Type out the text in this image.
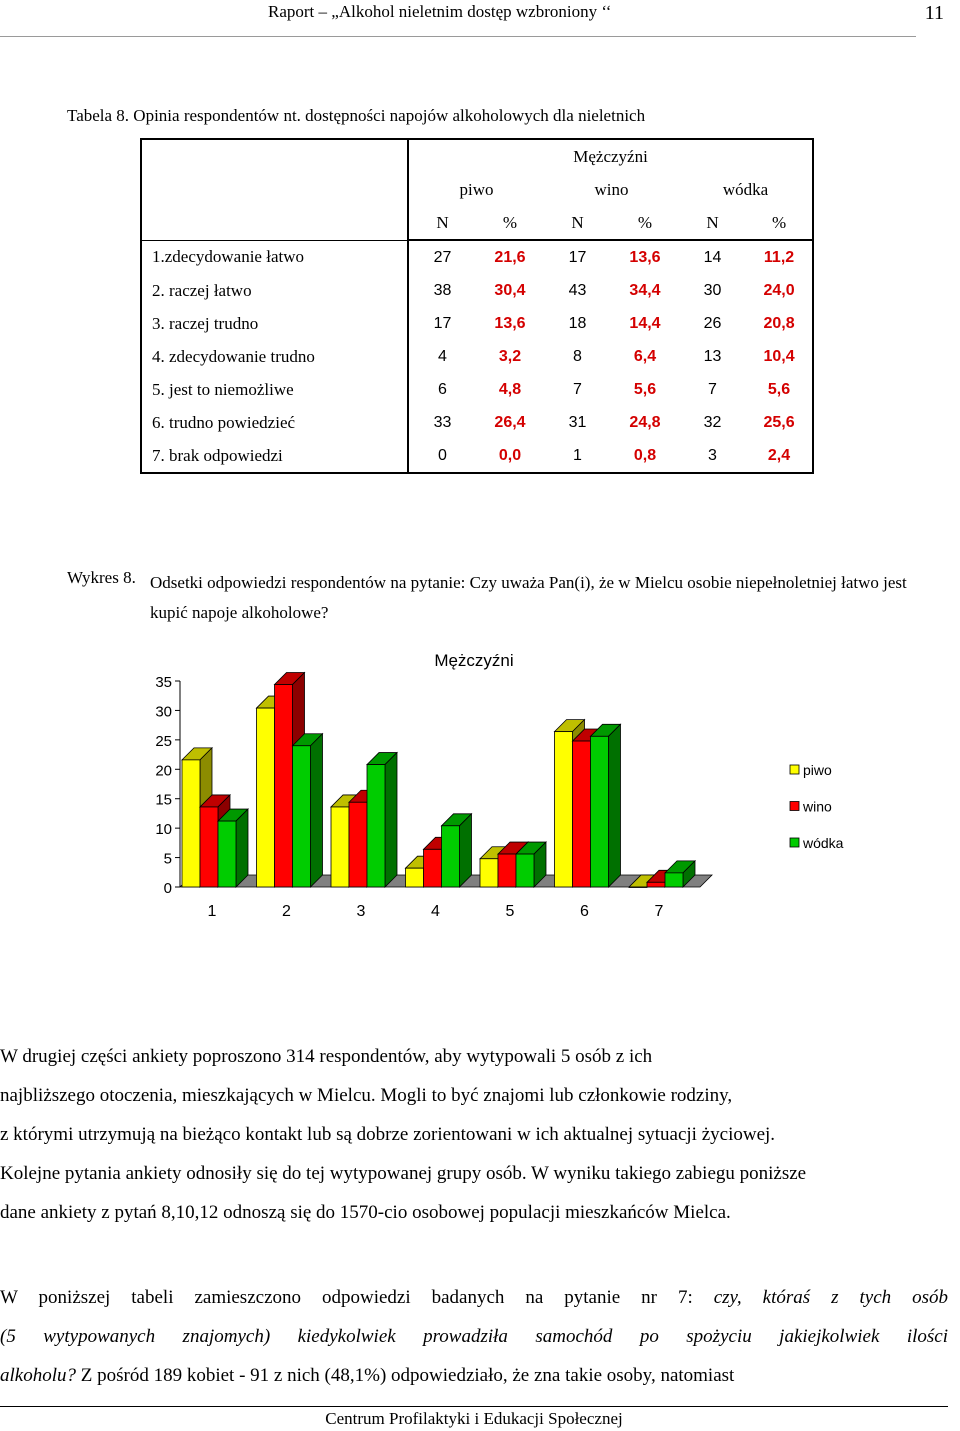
Raport – „Alkohol nieletnim dostęp wzbroniony ‘‘	11
Tabela 8. Opinia respondentów nt. dostępności napojów alkoholowych dla nieletnich
	Mężczyźni					
	piwo		wino		wódka	
	N	%	N	%	N	%
1.zdecydowanie łatwo	27	21,6	17	13,6	14	11,2
2. raczej łatwo	38	30,4	43	34,4	30	24,0
3. raczej trudno	17	13,6	18	14,4	26	20,8
4. zdecydowanie trudno	4	3,2	8	6,4	13	10,4
5. jest to niemożliwe	6	4,8	7	5,6	7	5,6
6. trudno powiedzieć	33	26,4	31	24,8	32	25,6
7. brak odpowiedzi	0	0,0	1	0,8	3	2,4
Wykres 8. Odsetki odpowiedzi respondentów na pytanie: Czy uważa Pan(i), że w Mielcu osobie niepełnoletniej łatwo jest kupić napoje alkoholowe?
0
5
10
15
20
25
30
35
1	2	3	4	5	6	7
Mężczyźni
piwo
wino
wódka
W drugiej części ankiety poproszono 314 respondentów, aby wytypowali 5 osób z ich
najbliższego otoczenia, mieszkających w Mielcu. Mogli to być znajomi lub członkowie rodziny,
z którymi utrzymują na bieżąco kontakt lub są dobrze zorientowani w ich aktualnej sytuacji życiowej.
Kolejne pytania ankiety odnosiły się do tej wytypowanej grupy osób. W wyniku takiego zabiegu poniższe
dane ankiety z pytań 8,10,12 odnoszą się do 1570-cio osobowej populacji mieszkańców Mielca.
W poniższej tabeli zamieszczono odpowiedzi badanych na pytanie nr 7: czy, któraś z tych osób
(5 wytypowanych znajomych) kiedykolwiek prowadziła samochód po spożyciu jakiejkolwiek ilości
alkoholu? Z pośród 189 kobiet - 91 z nich (48,1%) odpowiedziało, że zna takie osoby, natomiast
Centrum Profilaktyki i Edukacji Społecznej
